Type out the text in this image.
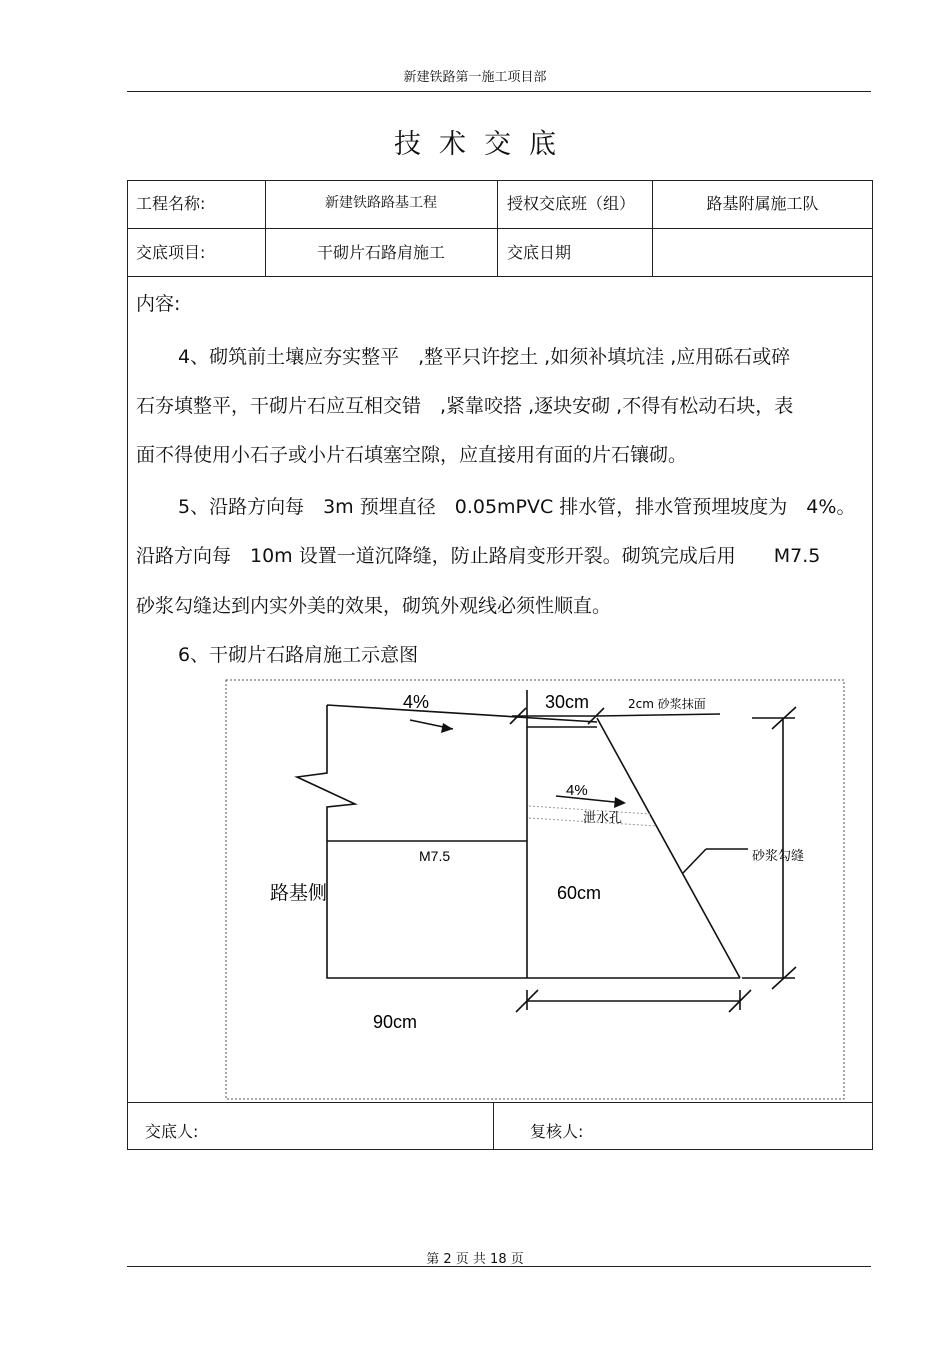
新建铁路第一施工项目部
技术交底
工程名称:	新建铁路路基工程	授权交底班（组）	路基附属施工队
交底项目:	干砌片石路肩施工	交底日期
内容:
4、砌筑前土壤应夯实整平　,整平只许挖土 ,如须补填坑洼 ,应用砾石或碎
石夯填整平，干砌片石应互相交错　,紧靠咬搭 ,逐块安砌 ,不得有松动石块，表
面不得使用小石子或小片石填塞空隙，应直接用有面的片石镶砌。
5、沿路方向每　3m 预埋直径　0.05mPVC 排水管，排水管预埋坡度为　4%。
沿路方向每　10m 设置一道沉降缝，防止路肩变形开裂。砌筑完成后用　　M7.5
砂浆勾缝达到内实外美的效果，砌筑外观线必须性顺直。
6、干砌片石路肩施工示意图
4%	30cm	2cm 砂浆抹面
4%
泄水孔
M7.5	砂浆勾缝
路基侧	60cm
90cm
交底人:	复核人:
第 2 页 共 18 页
